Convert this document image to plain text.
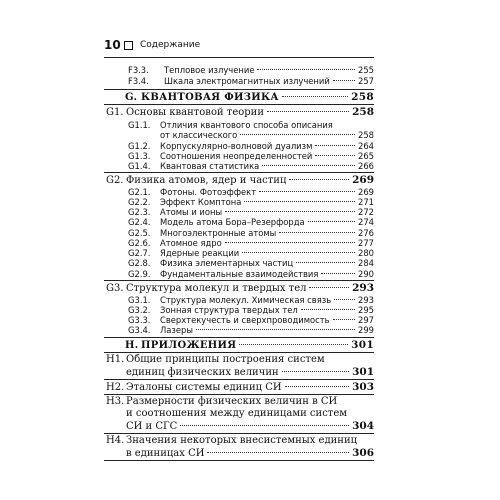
10 Содержание
F3.3.	Тепловое излучение	255
F3.4.	Шкала электромагнитных излучений	257
G. КВАНТОВАЯ ФИЗИКА	258
G1. Основы квантовой теории	258
G1.1.	Отличия квантового способа описания
от классического	258
G1.2.	Корпускулярно-волновой дуализм	264
G1.3.	Соотношения неопределенностей	265
G1.4.	Квантовая статистика	266
G2. Физика атомов, ядер и частиц	269
G2.1.	Фотоны. Фотоэффект	269
G2.2.	Эффект Комптона	271
G2.3.	Атомы и ионы	272
G2.4.	Модель атома Бора–Резерфорда	274
G2.5.	Многоэлектронные атомы	276
G2.6.	Атомное ядро	277
G2.7.	Ядерные реакции	280
G2.8.	Физика элементарных частиц	284
G2.9.	Фундаментальные взаимодействия	290
G3. Структура молекул и твердых тел	293
G3.1.	Структура молекул. Химическая связь	293
G3.2.	Зонная структура твердых тел	295
G3.3.	Сверхтекучесть и сверхпроводимость	297
G3.4.	Лазеры	299
H. ПРИЛОЖЕНИЯ	301
H1. Общие принципы построения систем
единиц физических величин	301
H2. Эталоны системы единиц СИ	303
H3. Размерности физических величин в СИ
и соотношения между единицами систем
СИ и СГС	304
H4. Значения некоторых внесистемных единиц
в единицах СИ	306
